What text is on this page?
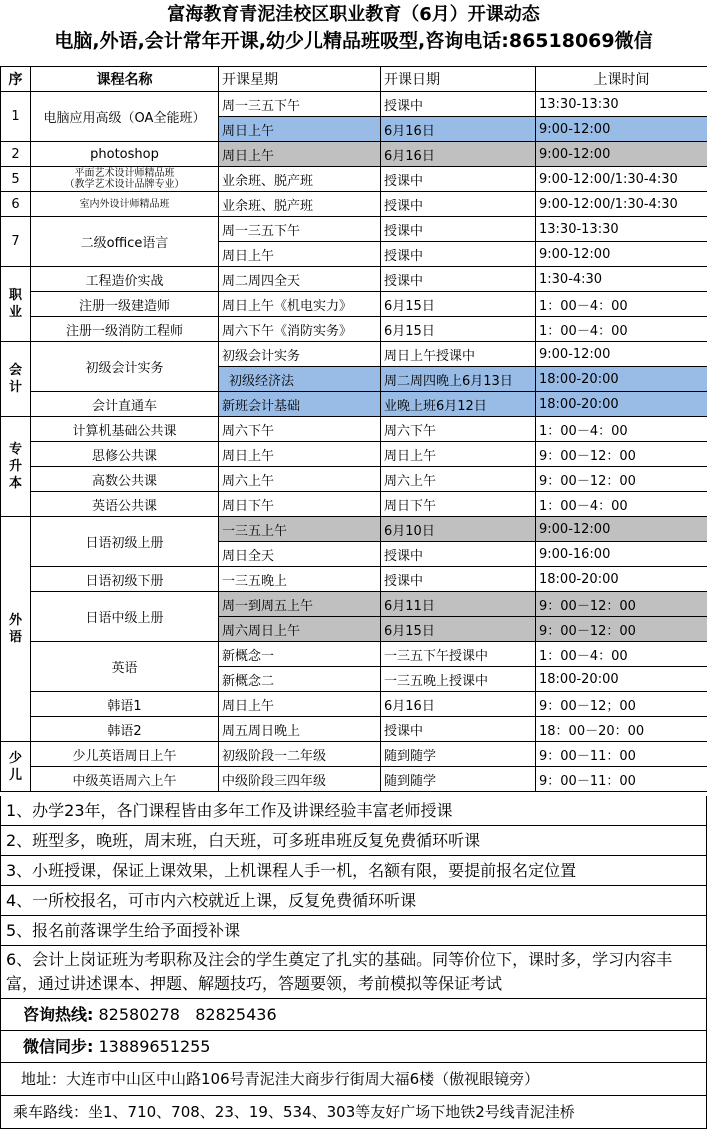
富海教育青泥洼校区职业教育（6月）开课动态
电脑,外语,会计常年开课,幼少儿精品班吸型,咨询电话:86518069微信
序	课程名称	开课星期	开课日期	上课时间
1	电脑应用高级（OA全能班）	周一三五下午	授课中	13:30-13:30
		周日上午	6月16日	9:00-12:00
2	photoshop	周日上午	6月16日	9:00-12:00
5	平面艺术设计师精品班
（教学艺术设计品牌专业）	业余班、脱产班	授课中	9:00-12:00/1:30-4:30
6	室内外设计师精品班	业余班、脱产班	授课中	9:00-12:00/1:30-4:30
7	二级office语言	周一三五下午	授课中	13:30-13:30
		周日上午	授课中	9:00-12:00
职业	工程造价实战	周二周四全天	授课中	1:30-4:30
	注册一级建造师	周日上午《机电实力》	6月15日	1：00－4：00
	注册一级消防工程师	周六下午《消防实务》	6月15日	1：00－4：00
会计	初级会计实务	初级会计实务	周日上午授课中	9:00-12:00
		初级经济法	周二周四晚上6月13日	18:00-20:00
	会计直通车	新班会计基础	业晚上班6月12日	18:00-20:00
专升本	计算机基础公共课	周六下午	周六下午	1：00－4：00
	思修公共课	周日上午	周日上午	9：00－12：00
	高数公共课	周六上午	周六上午	9：00－12：00
	英语公共课	周日下午	周日下午	1：00－4：00
外语	日语初级上册	一三五上午	6月10日	9:00-12:00
		周日全天	授课中	9:00-16:00
	日语初级下册	一三五晚上	授课中	18:00-20:00
	日语中级上册	周一到周五上午	6月11日	9：00－12：00
		周六周日上午	6月15日	9：00－12：00
	英语	新概念一	一三五下午授课中	1：00－4：00
		新概念二	一三五晚上授课中	18:00-20:00
	韩语1	周日上午	6月16日	9：00－12；00
	韩语2	周五周日晚上	授课中	18：00－20：00
少儿	少儿英语周日上午	初级阶段一二年级	随到随学	9：00－11：00
	中级英语周六上午	中级阶段三四年级	随到随学	9：00－11：00
1、办学23年，各门课程皆由多年工作及讲课经验丰富老师授课
2、班型多，晚班，周末班，白天班，可多班串班反复免费循环听课
3、小班授课，保证上课效果，上机课程人手一机，名额有限，要提前报名定位置
4、一所校报名，可市内六校就近上课，反复免费循环听课
5、报名前落课学生给予面授补课
6、会计上岗证班为考职称及注会的学生奠定了扎实的基础。同等价位下，课时多，学习内容丰富，通过讲述课本、押题、解题技巧，答题要领，考前模拟等保证考试
咨询热线: 82580278   82825436
微信同步: 13889651255
地址：大连市中山区中山路106号青泥洼大商步行街周大福6楼（傲视眼镜旁）
乘车路线：坐1、710、708、23、19、534、303等友好广场下地铁2号线青泥洼桥
